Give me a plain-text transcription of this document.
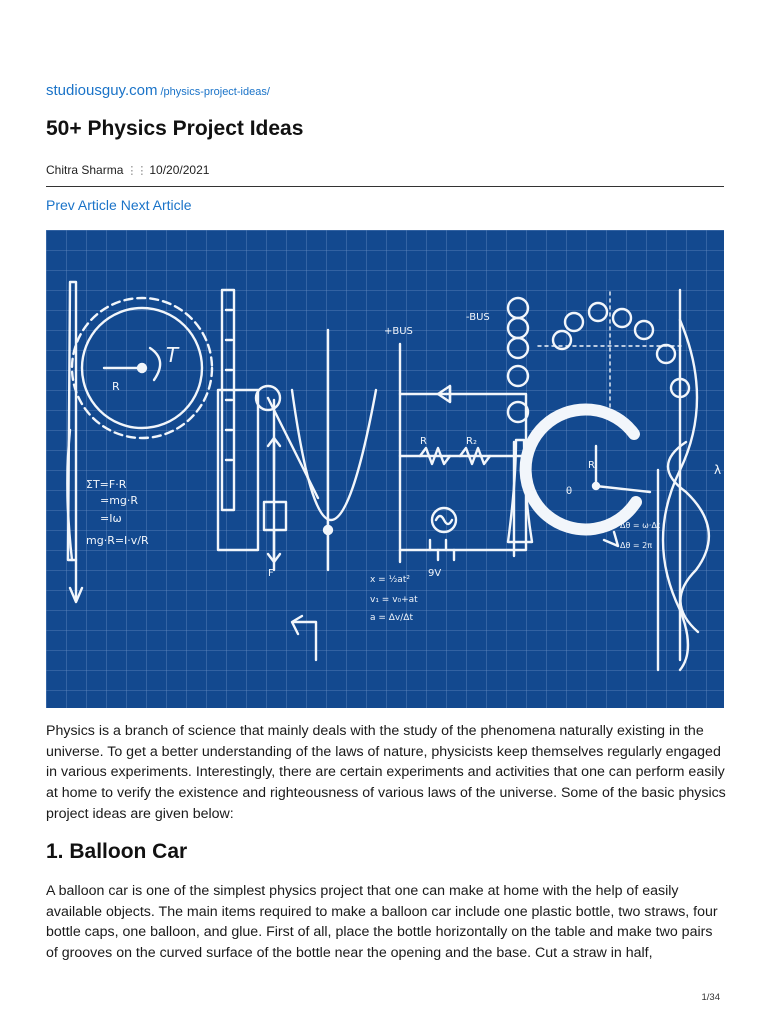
studiousguy.com /physics-project-ideas/
50+ Physics Project Ideas
Chitra Sharma ⋮⋮ 10/20/2021
Prev Article Next Article
T
R
ΣT=F·R
=mg·R
=Iω
mg·R=I·v/R
F
+BUS
-BUS
R	R₂
9V
x = ½at²
v₁ = v₀+at
a = Δv/Δt
R
θ
Δθ = ω·Δt
Δθ = 2π
λ

Physics is a branch of science that mainly deals with the study of the phenomena naturally existing in the universe. To get a better understanding of the laws of nature, physicists keep themselves regularly engaged in various experiments. Interestingly, there are certain experiments and activities that one can perform easily at home to verify the existence and righteousness of various laws of the universe. Some of the basic physics project ideas are given below:

1. Balloon Car

A balloon car is one of the simplest physics project that one can make at home with the help of easily available objects. The main items required to make a balloon car include one plastic bottle, two straws, four bottle caps, one balloon, and glue. First of all, place the bottle horizontally on the table and make two pairs of grooves on the curved surface of the bottle near the opening and the base. Cut a straw in half,

1/34
